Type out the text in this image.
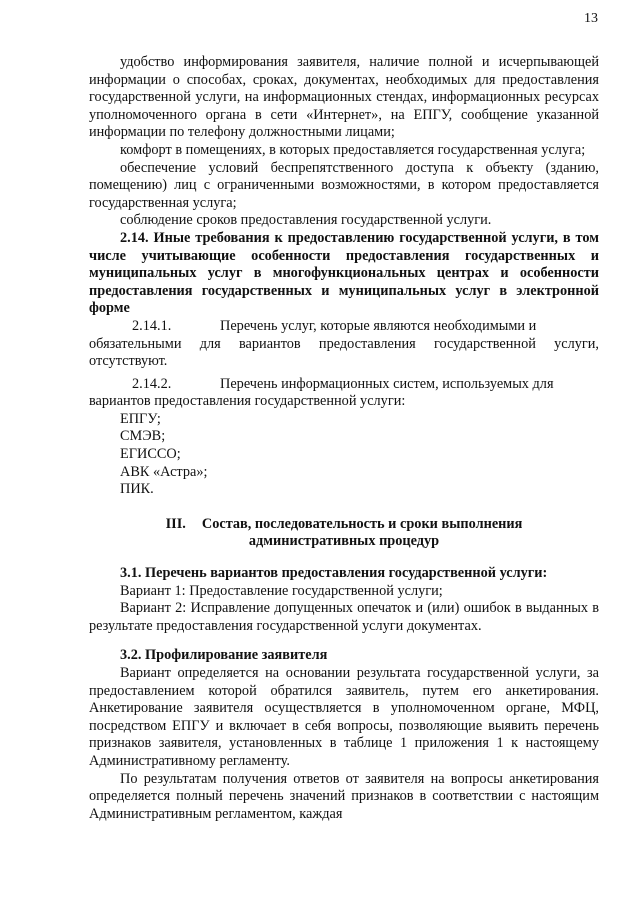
13

удобство информирования заявителя, наличие полной и исчерпывающей информации о способах, сроках, документах, необходимых для предоставления государственной услуги, на информационных стендах, информационных ресурсах уполномоченного органа в сети «Интернет», на ЕПГУ, сообщение указанной информации по телефону должностными лицами;

комфорт в помещениях, в которых предоставляется государственная услуга;

обеспечение условий беспрепятственного доступа к объекту (зданию, помещению) лиц с ограниченными возможностями, в котором предоставляется государственная услуга;

соблюдение сроков предоставления государственной услуги.

2.14. Иные требования к предоставлению государственной услуги, в том числе учитывающие особенности предоставления государственных и муниципальных услуг в многофункциональных центрах и особенности предоставления государственных и муниципальных услуг в электронной форме

2.14.1.	Перечень услуг, которые являются необходимыми и

обязательными для вариантов предоставления государственной услуги, отсутствуют.

2.14.2.	Перечень информационных систем, используемых для

вариантов предоставления государственной услуги:

ЕПГУ;
СМЭВ;
ЕГИССО;
АВК «Астра»;
ПИК.
III. Состав, последовательность и сроки выполнения
административных процедур

3.1. Перечень вариантов предоставления государственной услуги:

Вариант 1: Предоставление государственной услуги;

Вариант 2: Исправление допущенных опечаток и (или) ошибок в выданных в результате предоставления государственной услуги документах.

3.2. Профилирование заявителя

Вариант определяется на основании результата государственной услуги, за предоставлением которой обратился заявитель, путем его анкетирования. Анкетирование заявителя осуществляется в уполномоченном органе, МФЦ, посредством ЕПГУ и включает в себя вопросы, позволяющие выявить перечень признаков заявителя, установленных в таблице 1 приложения 1 к настоящему Административному регламенту.

По результатам получения ответов от заявителя на вопросы анкетирования определяется полный перечень значений признаков в соответствии с настоящим Административным регламентом, каждая
